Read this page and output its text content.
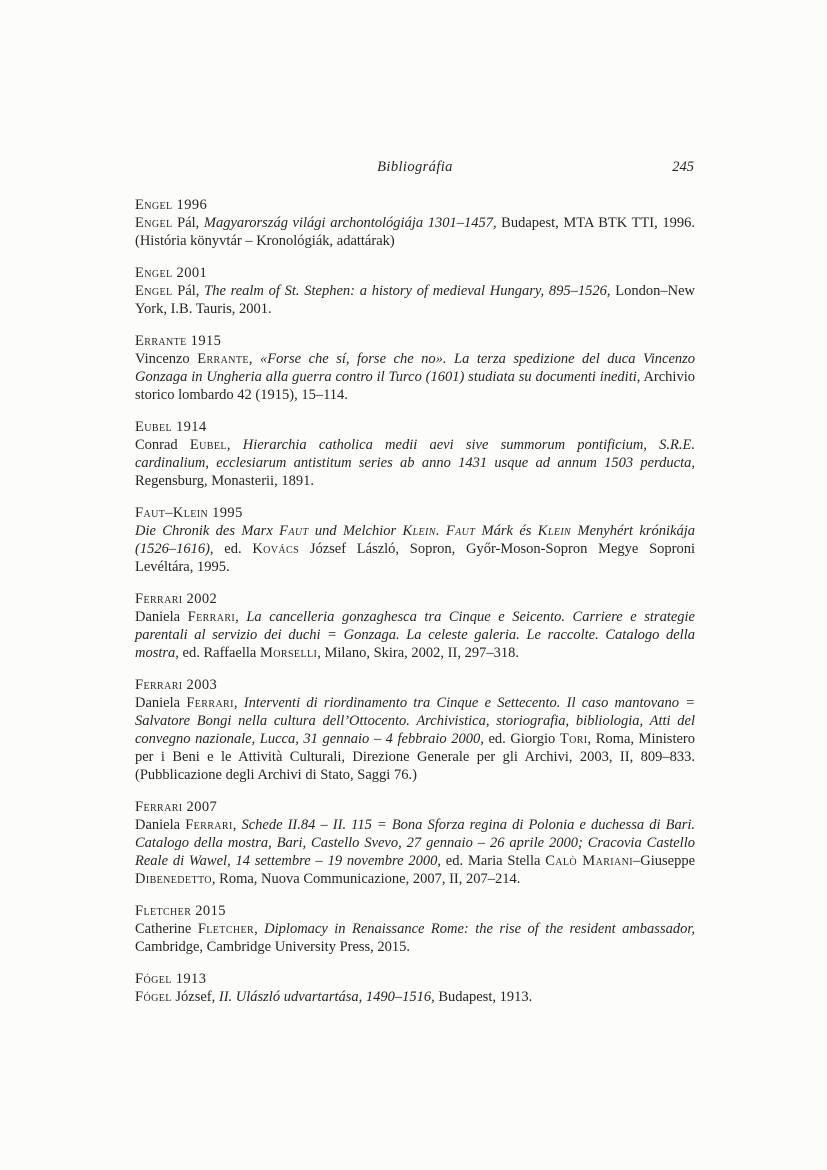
Bibliográfia	245
Engel 1996

Engel Pál, Magyarország világi archontológiája 1301–1457, Budapest, MTA BTK TTI, 1996. (História könyvtár – Kronológiák, adattárak)

Engel 2001

Engel Pál, The realm of St. Stephen: a history of medieval Hungary, 895–1526, London–New York, I.B. Tauris, 2001.

Errante 1915

Vincenzo Errante, «Forse che sí, forse che no». La terza spedizione del duca Vincenzo Gonzaga in Ungheria alla guerra contro il Turco (1601) studiata su documenti inediti, Archivio storico lombardo 42 (1915), 15–114.

Eubel 1914

Conrad Eubel, Hierarchia catholica medii aevi sive summorum pontificium, S.R.E. cardinalium, ecclesiarum antistitum series ab anno 1431 usque ad annum 1503 perducta, Regensburg, Monasterii, 1891.

Faut–Klein 1995

Die Chronik des Marx Faut und Melchior Klein. Faut Márk és Klein Menyhért krónikája (1526–1616), ed. Kovács József László, Sopron, Győr-Moson-Sopron Megye Soproni Levéltára, 1995.

Ferrari 2002

Daniela Ferrari, La cancelleria gonzaghesca tra Cinque e Seicento. Carriere e strategie parentali al servizio dei duchi = Gonzaga. La celeste galeria. Le raccolte. Catalogo della mostra, ed. Raffaella Morselli, Milano, Skira, 2002, II, 297–318.

Ferrari 2003

Daniela Ferrari, Interventi di riordinamento tra Cinque e Settecento. Il caso mantovano = Salvatore Bongi nella cultura dell’Ottocento. Archivistica, storiografia, bibliologia, Atti del convegno nazionale, Lucca, 31 gennaio – 4 febbraio 2000, ed. Giorgio Tori, Roma, Ministero per i Beni e le Attività Culturali, Direzione Generale per gli Archivi, 2003, II, 809–833. (Pubblicazione degli Archivi di Stato, Saggi 76.)

Ferrari 2007

Daniela Ferrari, Schede II.84 – II. 115 = Bona Sforza regina di Polonia e duchessa di Bari. Catalogo della mostra, Bari, Castello Svevo, 27 gennaio – 26 aprile 2000; Cracovia Castello Reale di Wawel, 14 settembre – 19 novembre 2000, ed. Maria Stella Calò Mariani–Giuseppe Dibenedetto, Roma, Nuova Communicazione, 2007, II, 207–214.

Fletcher 2015

Catherine Fletcher, Diplomacy in Renaissance Rome: the rise of the resident ambassador, Cambridge, Cambridge University Press, 2015.

Fógel 1913

Fógel József, II. Ulászló udvartartása, 1490–1516, Budapest, 1913.
